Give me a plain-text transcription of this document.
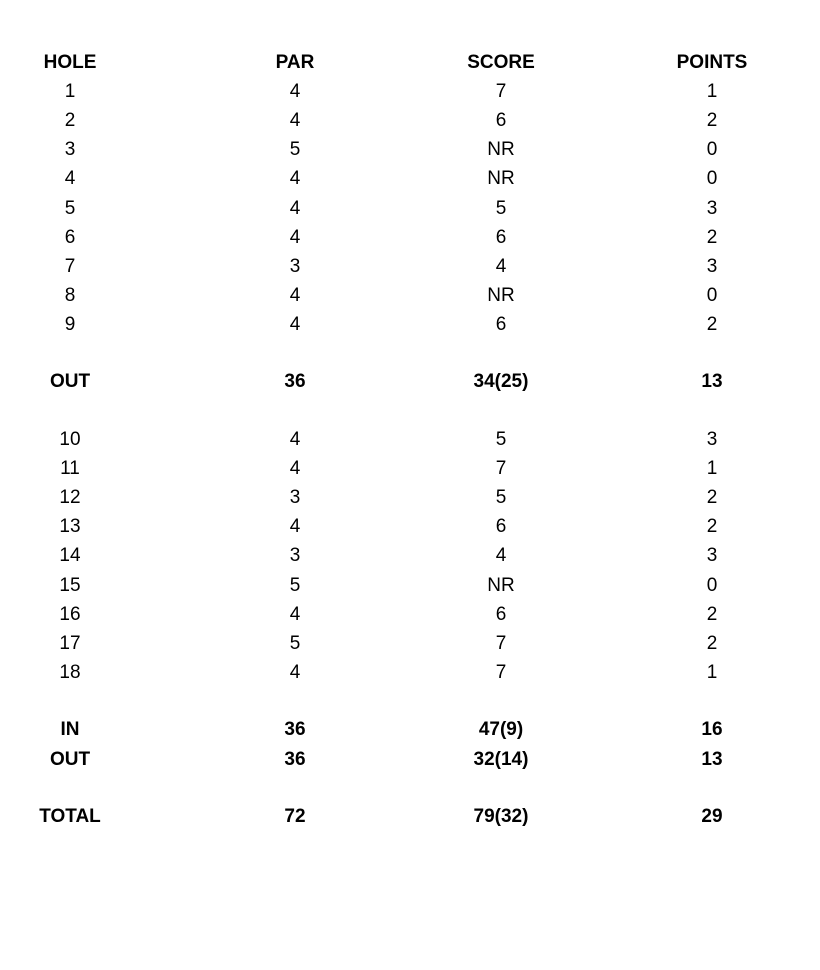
HOLE	PAR	SCORE	POINTS
1	4	7	1
2	4	6	2
3	5	NR	0
4	4	NR	0
5	4	5	3
6	4	6	2
7	3	4	3
8	4	NR	0
9	4	6	2
OUT	36	34(25)	13
10	4	5	3
11	4	7	1
12	3	5	2
13	4	6	2
14	3	4	3
15	5	NR	0
16	4	6	2
17	5	7	2
18	4	7	1
IN	36	47(9)	16
OUT	36	32(14)	13
TOTAL	72	79(32)	29
